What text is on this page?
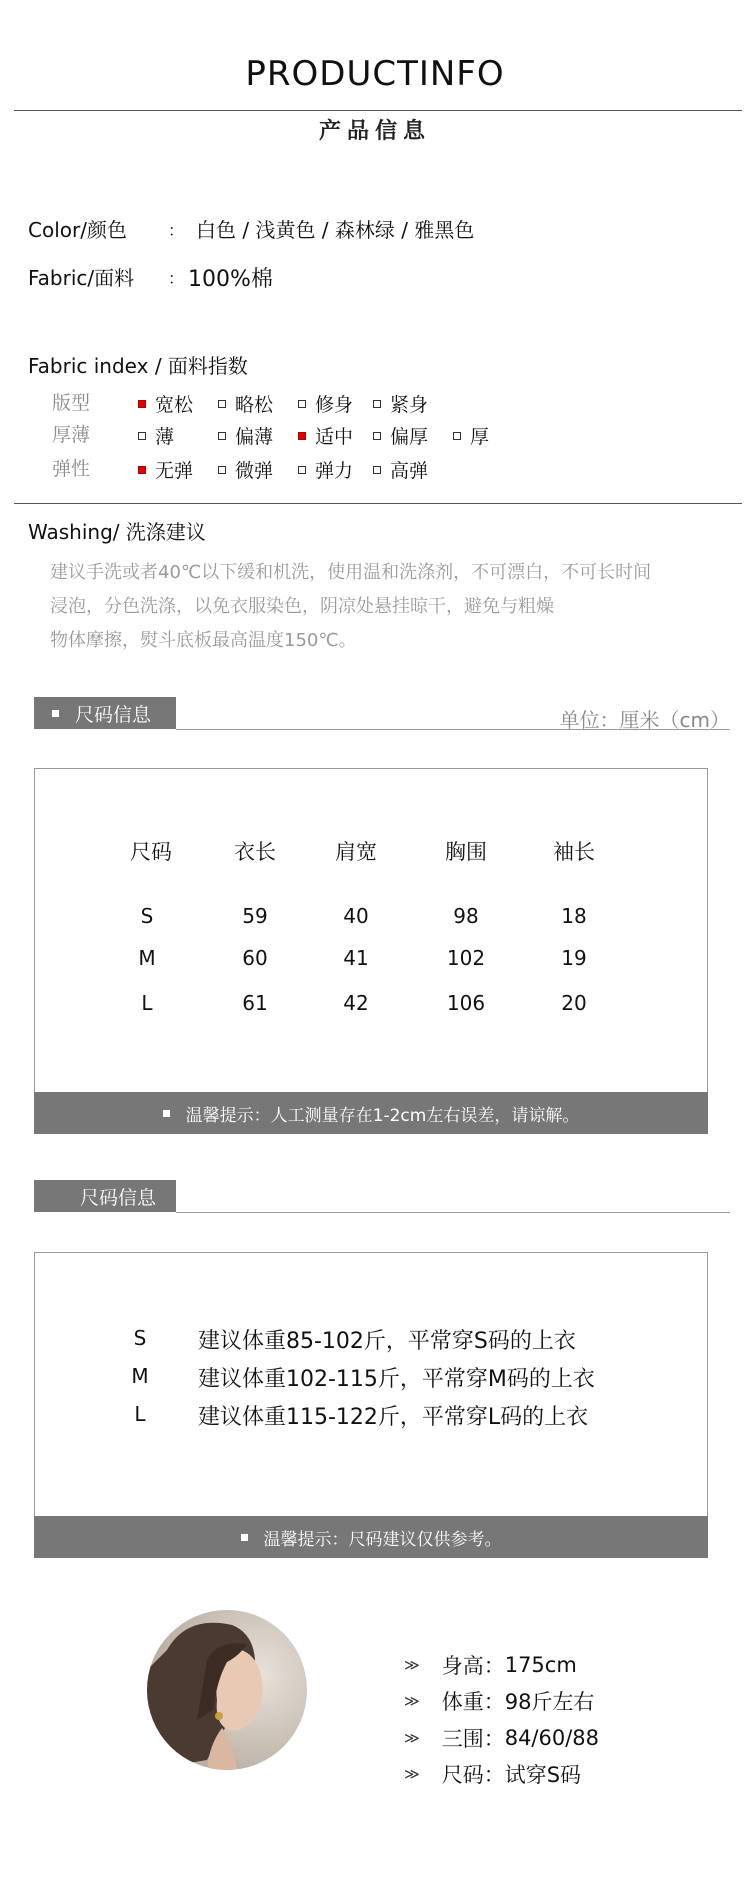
PRODUCTINFO
产品信息
Color/颜色	： 白色 / 浅黄色 / 森林绿 / 雅黑色
Fabric/面料 ： 100%棉
Fabric index / 面料指数
版型	宽松 略松 修身 紧身
厚薄	薄	偏薄 适中 偏厚 厚
弹性	无弹 微弹 弹力 高弹
Washing/ 洗涤建议
建议手洗或者40℃以下缓和机洗，使用温和洗涤剂，不可漂白，不可长时间
浸泡，分色洗涤，以免衣服染色，阴凉处悬挂晾干，避免与粗燥
物体摩擦，熨斗底板最高温度150℃。
尺码信息	单位：厘米（cm）
尺码	衣长	肩宽	胸围	袖长
S	59	40	98	18
M	60	41	102	19
L	61	42	106	20
温馨提示：人工测量存在1-2cm左右误差，请谅解。
尺码信息
S	建议体重85-102斤，平常穿S码的上衣
M	建议体重102-115斤，平常穿M码的上衣
L	建议体重115-122斤，平常穿L码的上衣
温馨提示：尺码建议仅供参考。
≫ 身高： 175cm
≫ 体重： 98斤左右
≫ 三围： 84/60/88
≫ 尺码： 试穿S码
